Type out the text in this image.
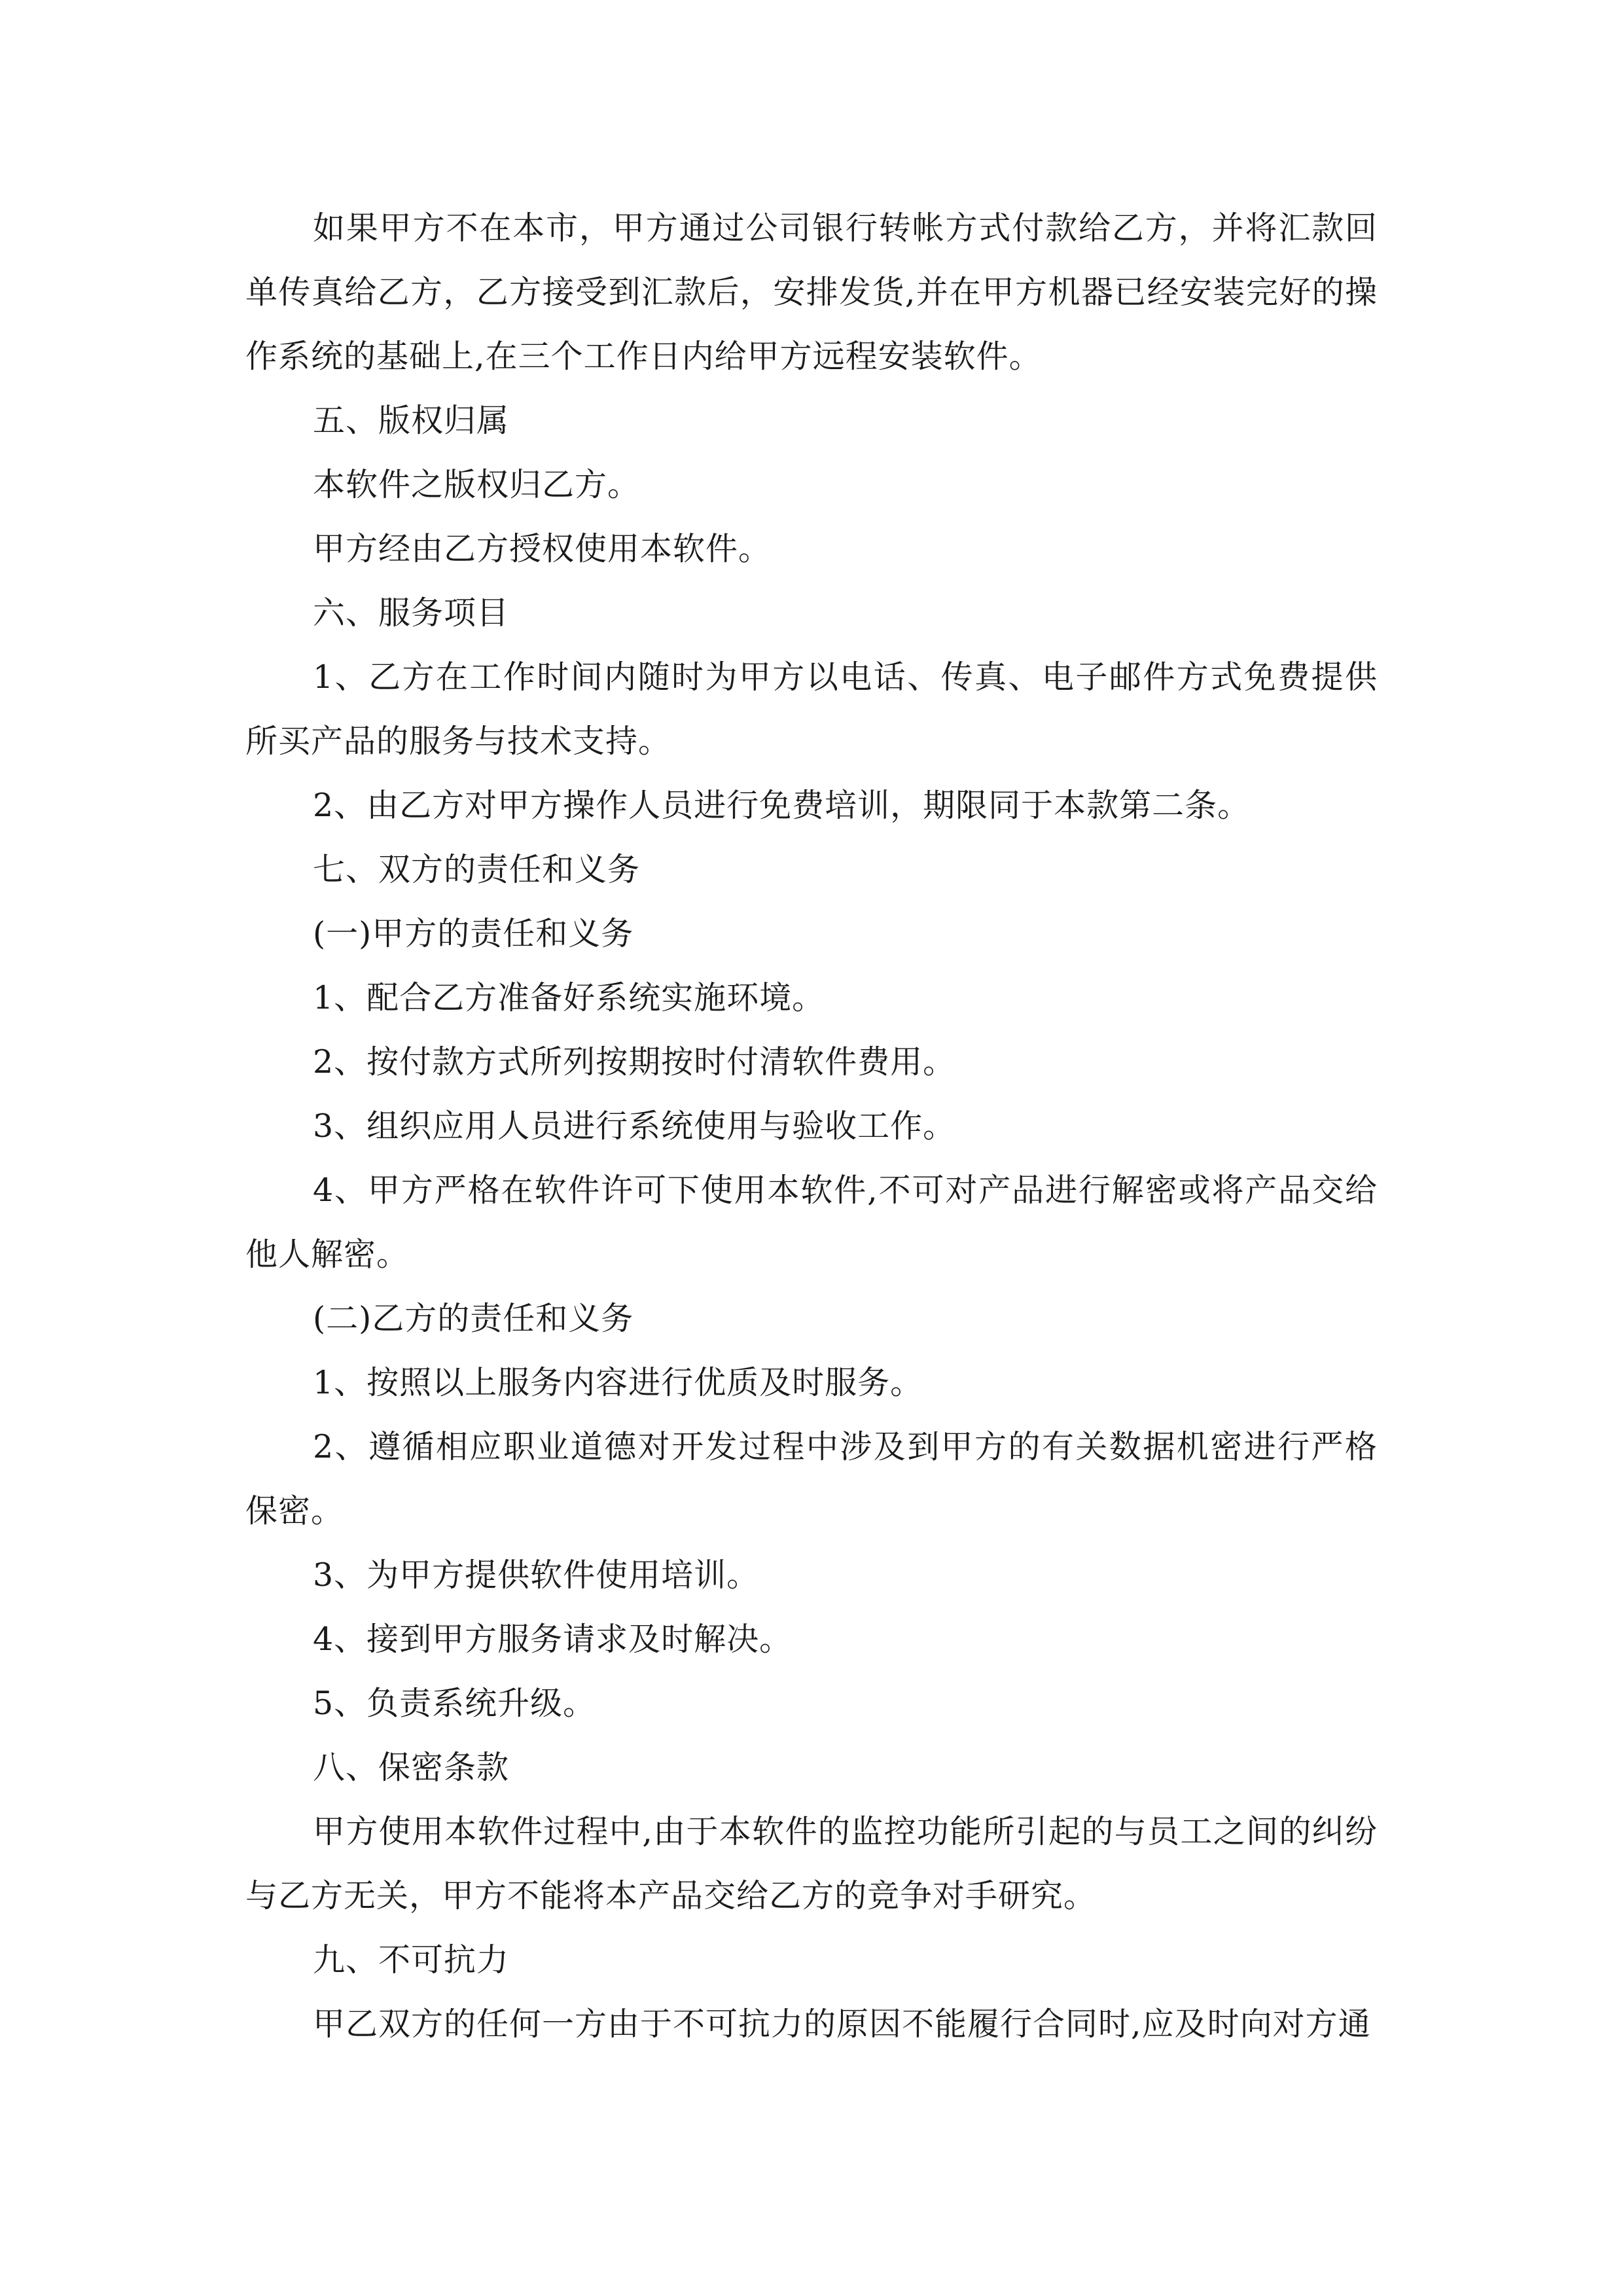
如果甲方不在本市，甲方通过公司银行转帐方式付款给乙方，并将汇款回单传真给乙方，乙方接受到汇款后，安排发货,并在甲方机器已经安装完好的操作系统的基础上,在三个工作日内给甲方远程安装软件。

五、版权归属

本软件之版权归乙方。

甲方经由乙方授权使用本软件。

六、服务项目

1、乙方在工作时间内随时为甲方以电话、传真、电子邮件方式免费提供所买产品的服务与技术支持。

2、由乙方对甲方操作人员进行免费培训，期限同于本款第二条。

七、双方的责任和义务

(一)甲方的责任和义务

1、配合乙方准备好系统实施环境。

2、按付款方式所列按期按时付清软件费用。

3、组织应用人员进行系统使用与验收工作。

4、甲方严格在软件许可下使用本软件,不可对产品进行解密或将产品交给他人解密。

(二)乙方的责任和义务

1、按照以上服务内容进行优质及时服务。

2、遵循相应职业道德对开发过程中涉及到甲方的有关数据机密进行严格保密。

3、为甲方提供软件使用培训。

4、接到甲方服务请求及时解决。

5、负责系统升级。

八、保密条款

甲方使用本软件过程中,由于本软件的监控功能所引起的与员工之间的纠纷与乙方无关，甲方不能将本产品交给乙方的竞争对手研究。

九、不可抗力

甲乙双方的任何一方由于不可抗力的原因不能履行合同时,应及时向对方通
